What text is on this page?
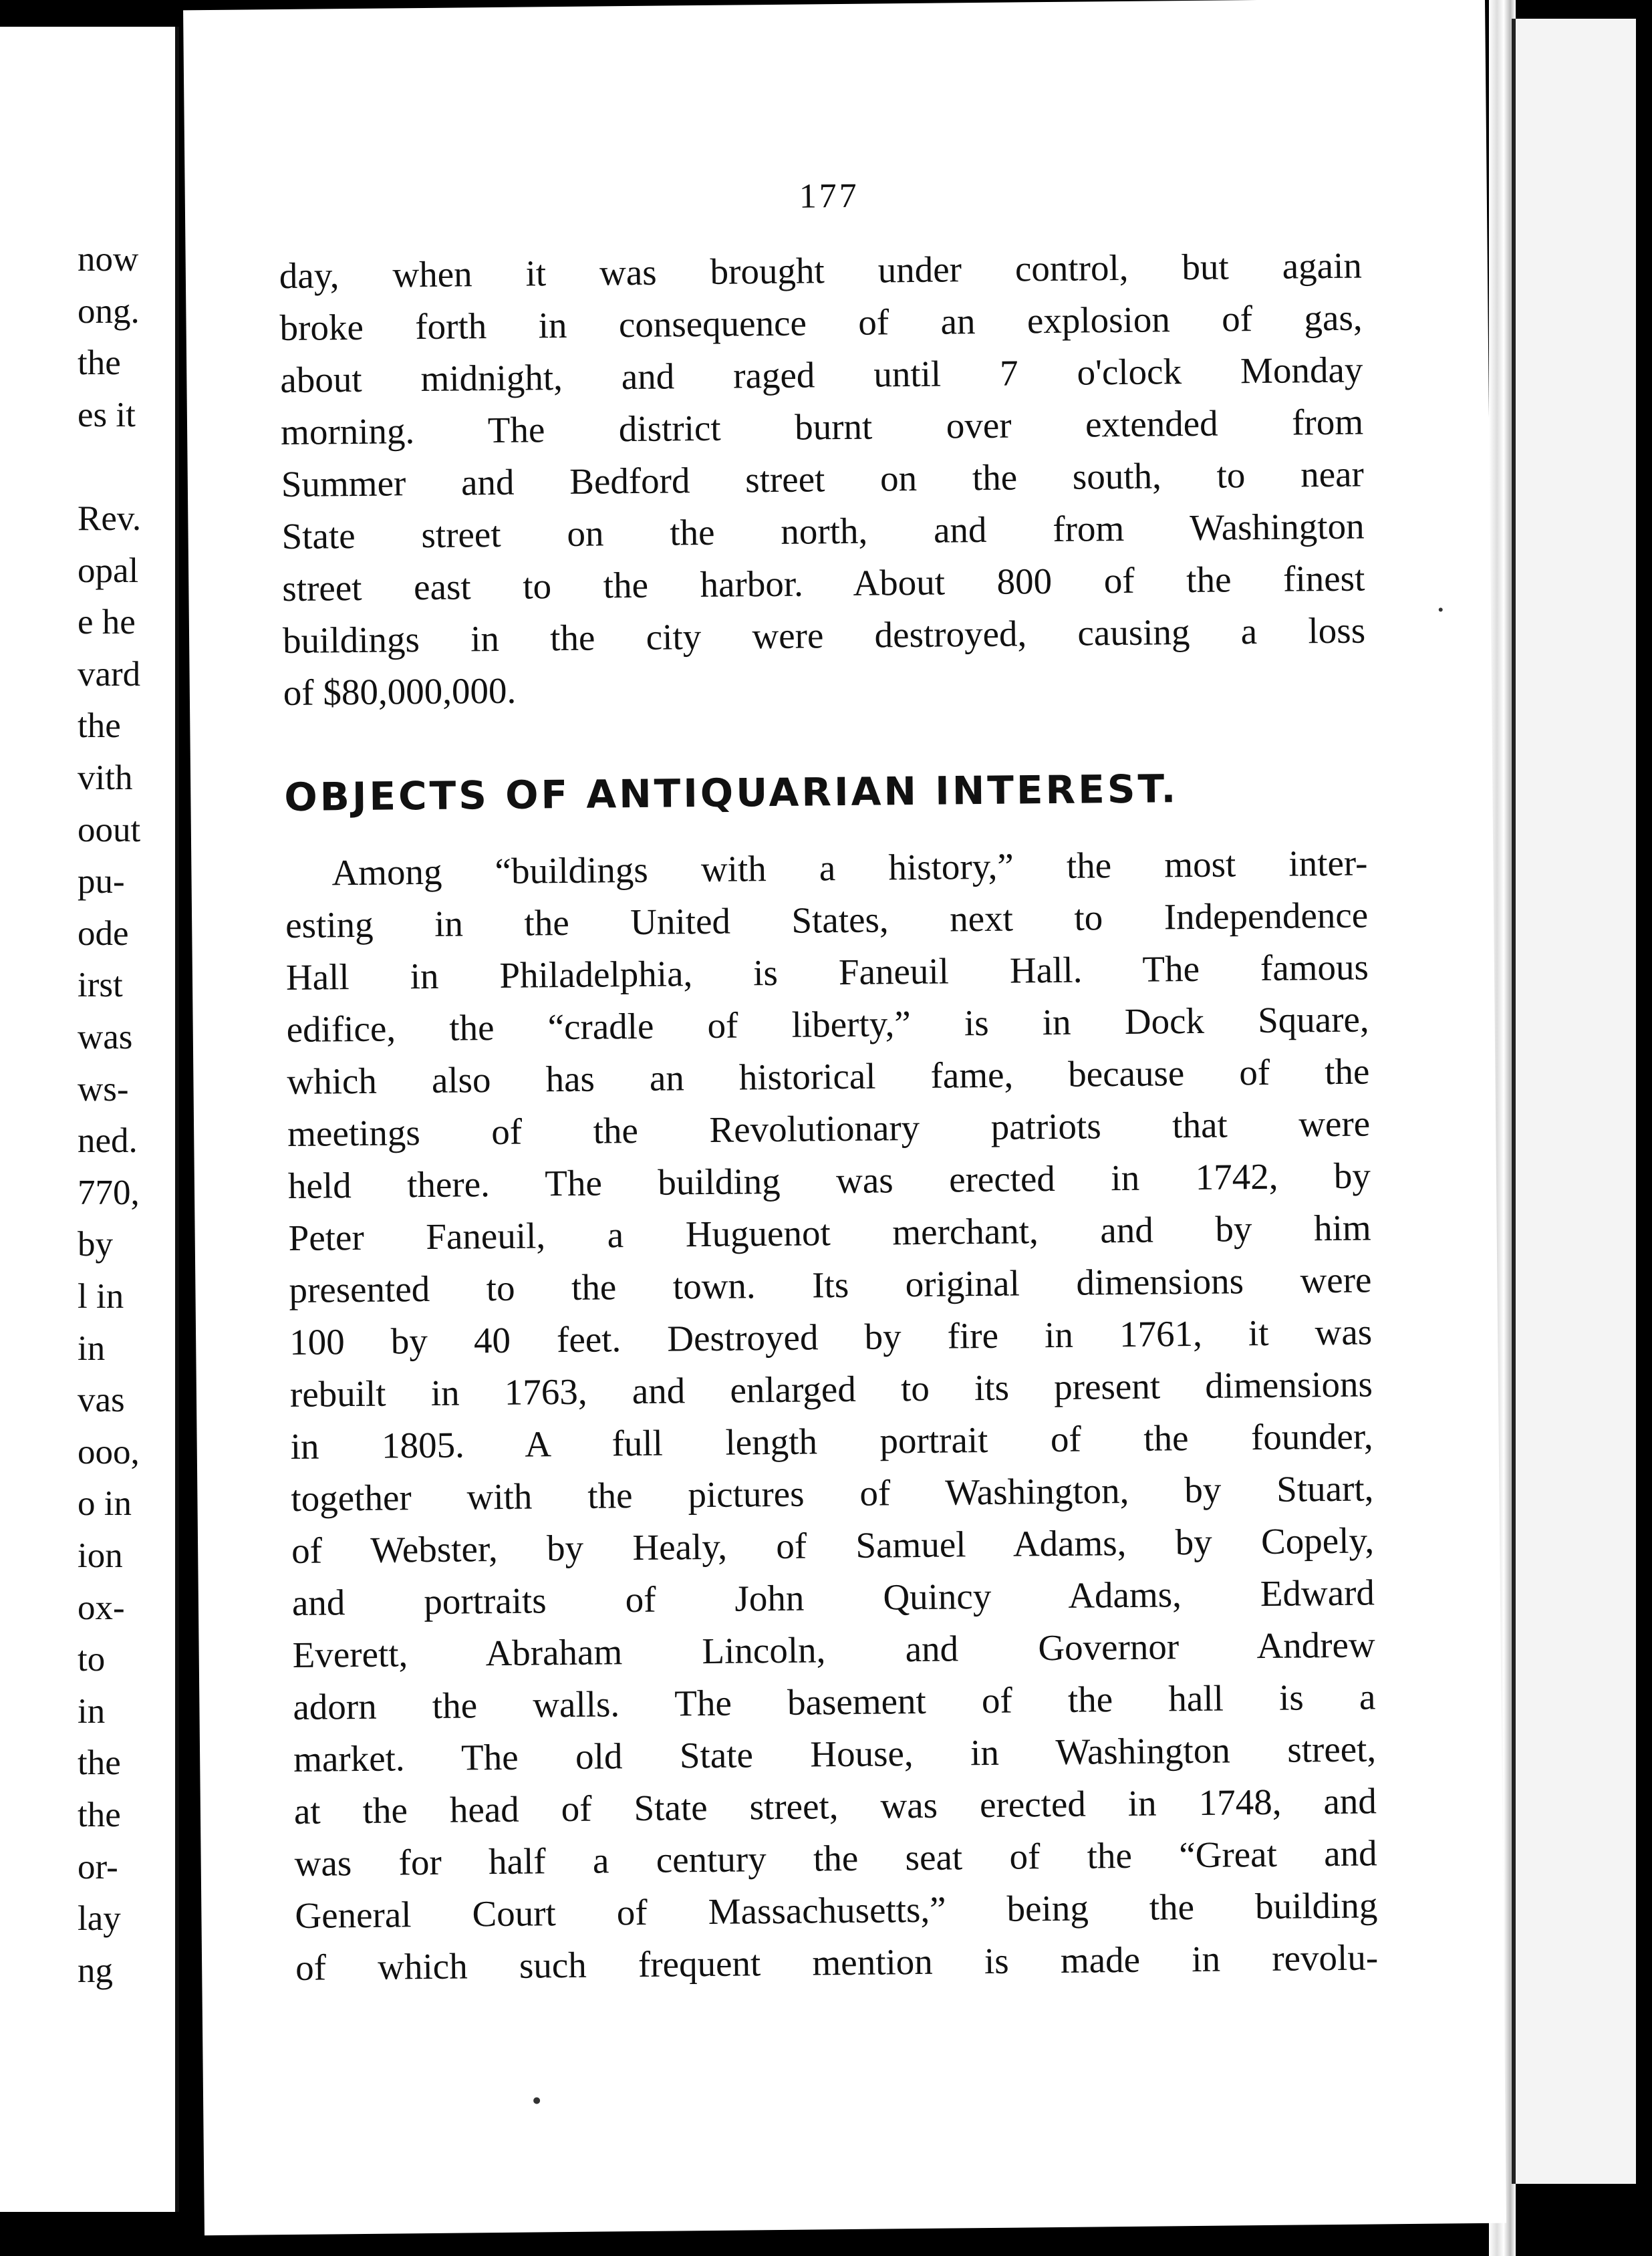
now
ong.
the
es it
Rev.
opal
e he
vard
the
vith
oout
pu-
ode
irst
was
ws-
ned.
770,
by
l in
in
vas
ooo,
o in
ion
ox-
to
in
the
the
or-
lay
ng
177
day, when it was brought under control, but again
broke forth in consequence of an explosion of gas,
about midnight, and raged until 7 o'clock Monday
morning. The district burnt over extended from
Summer and Bedford street on the south, to near
State street on the north, and from Washington
street east to the harbor. About 800 of the finest
buildings in the city were destroyed, causing a loss
of $80,000,000.
OBJECTS OF ANTIQUARIAN INTEREST.
Among “buildings with a history,” the most inter-
esting in the United States, next to Independence
Hall in Philadelphia, is Faneuil Hall. The famous
edifice, the “cradle of liberty,” is in Dock Square,
which also has an historical fame, because of the
meetings of the Revolutionary patriots that were
held there. The building was erected in 1742, by
Peter Faneuil, a Huguenot merchant, and by him
presented to the town. Its original dimensions were
100 by 40 feet. Destroyed by fire in 1761, it was
rebuilt in 1763, and enlarged to its present dimensions
in 1805. A full length portrait of the founder,
together with the pictures of Washington, by Stuart,
of Webster, by Healy, of Samuel Adams, by Copely,
and portraits of John Quincy Adams, Edward
Everett, Abraham Lincoln, and Governor Andrew
adorn the walls. The basement of the hall is a
market. The old State House, in Washington street,
at the head of State street, was erected in 1748, and
was for half a century the seat of the “Great and
General Court of Massachusetts,” being the building
of which such frequent mention is made in revolu-
